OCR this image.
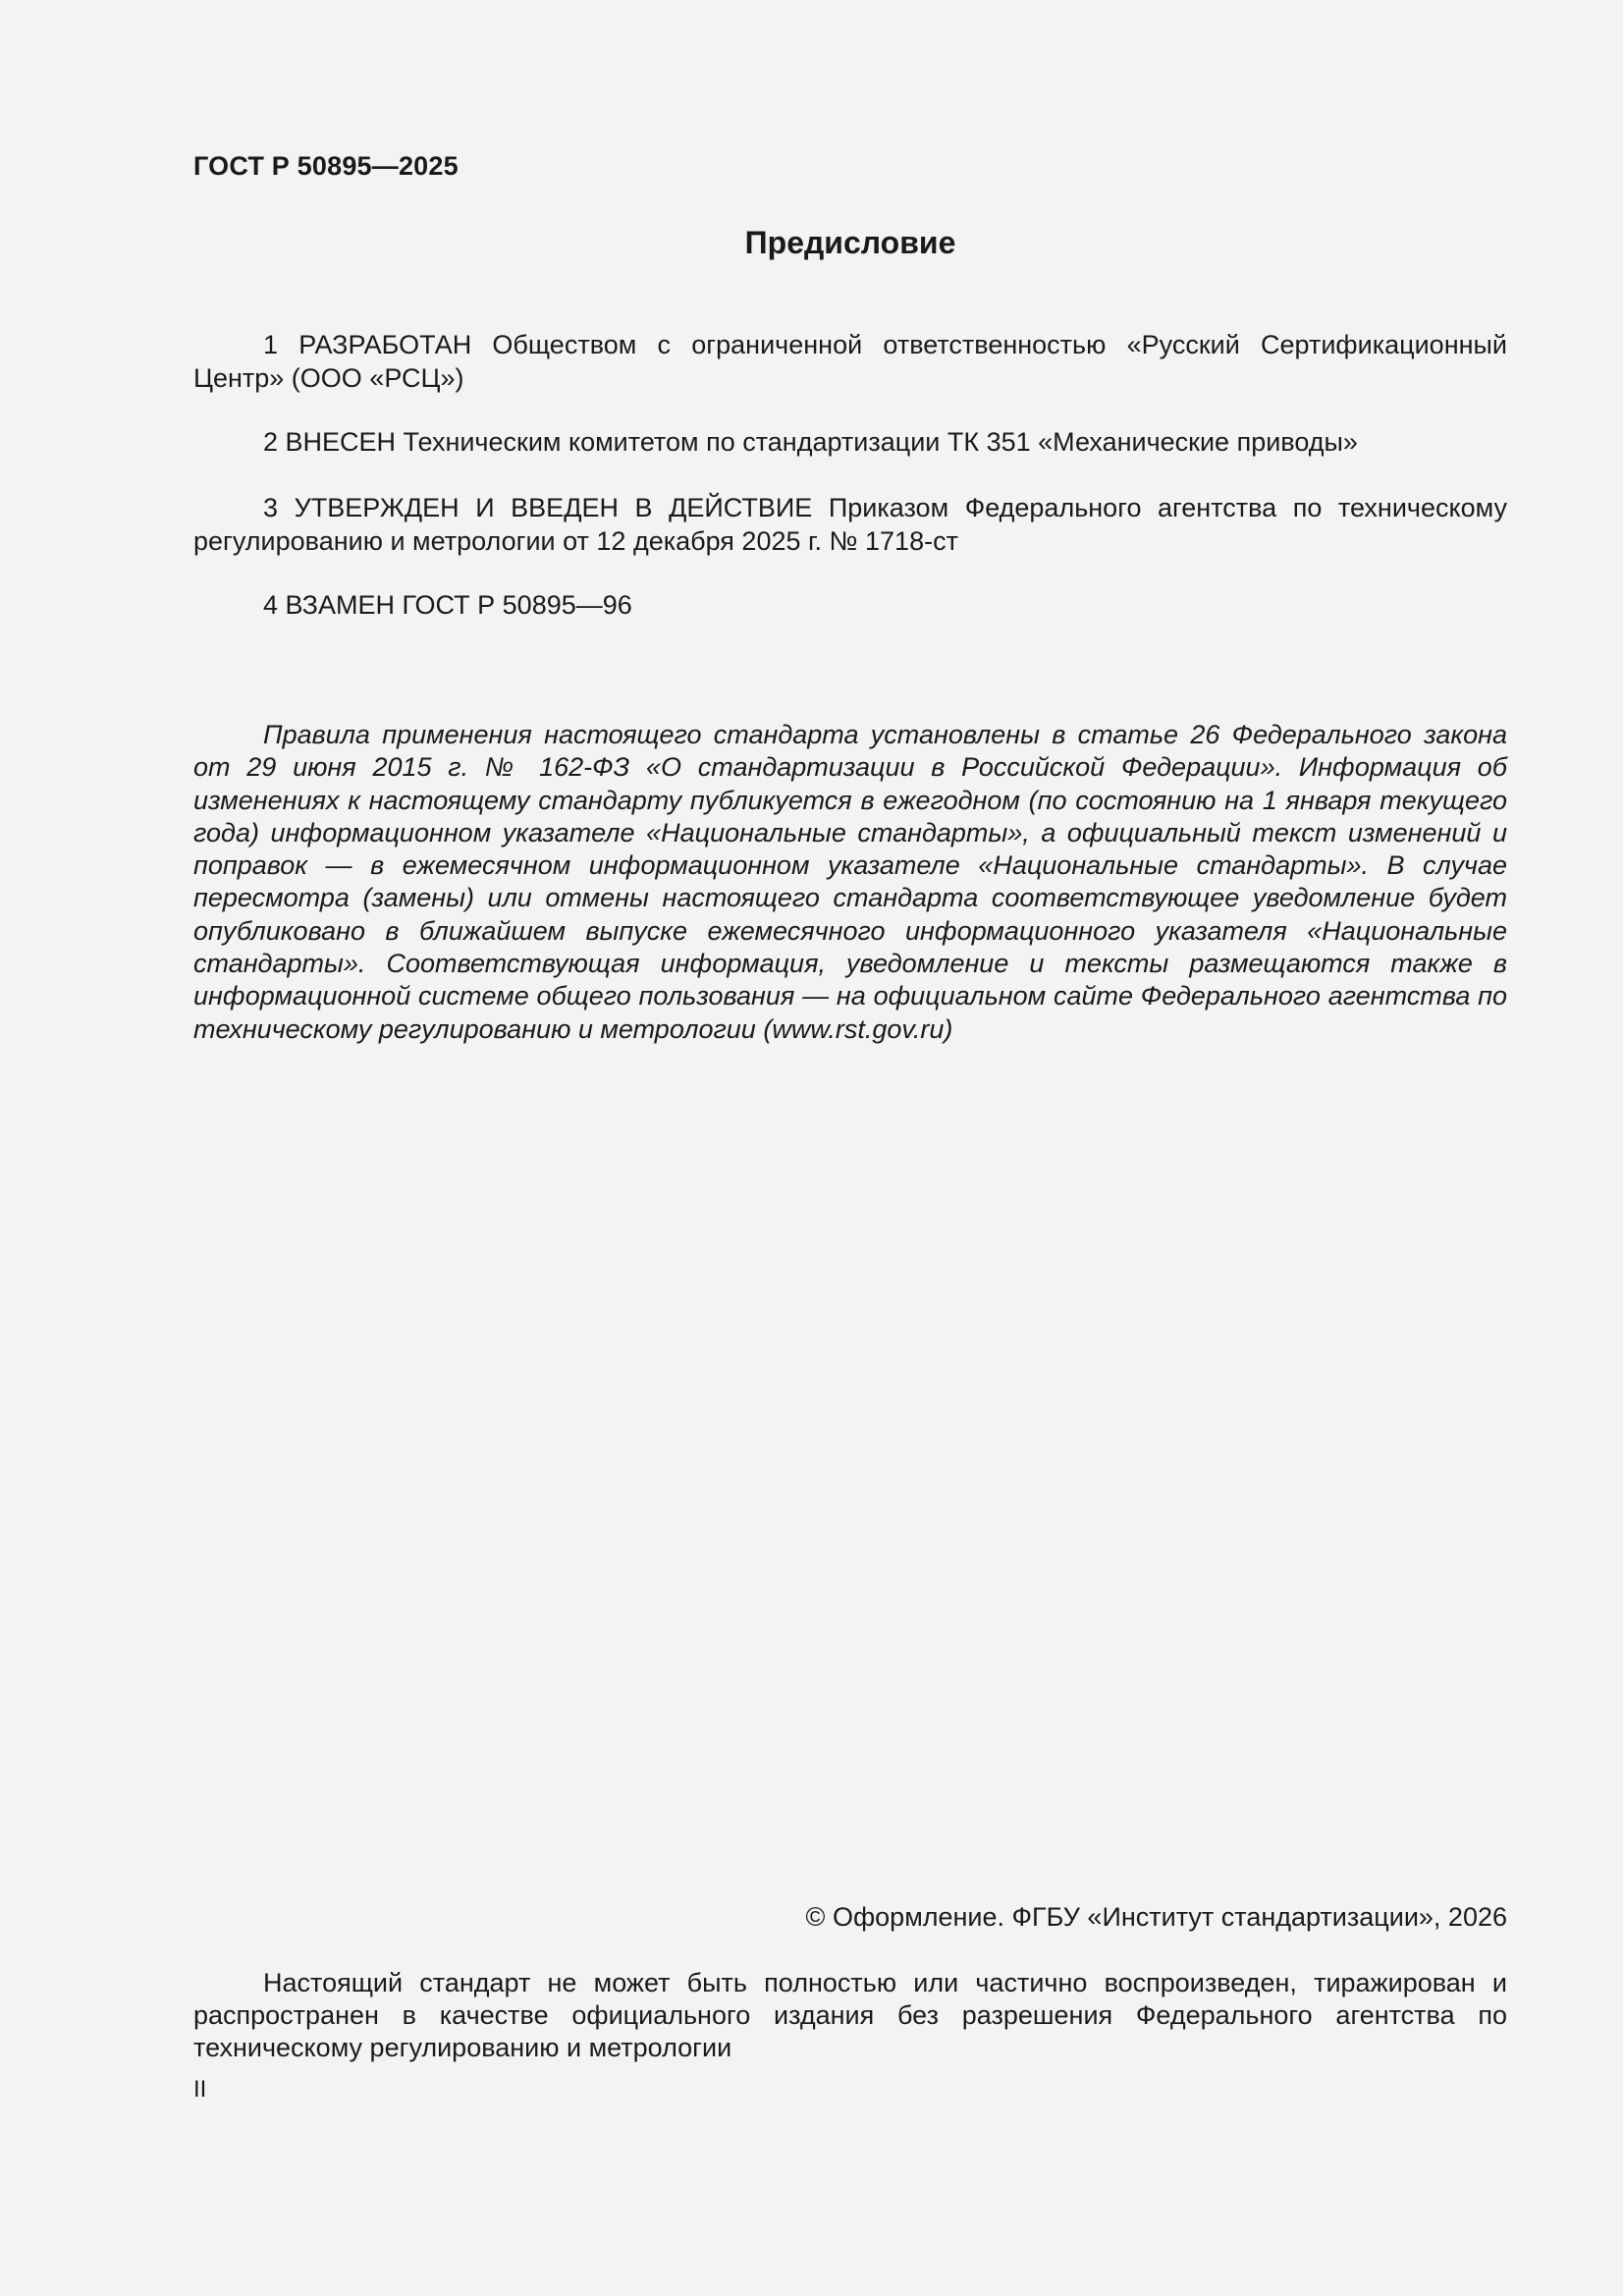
ГОСТ Р 50895—2025
Предисловие
1 РАЗРАБОТАН Обществом с ограниченной ответственностью «Русский Сертификационный Центр» (ООО «РСЦ»)
2 ВНЕСЕН Техническим комитетом по стандартизации ТК 351 «Механические приводы»
3 УТВЕРЖДЕН И ВВЕДЕН В ДЕЙСТВИЕ Приказом Федерального агентства по техническому регулированию и метрологии от 12 декабря 2025 г. № 1718-ст
4 ВЗАМЕН ГОСТ Р 50895—96
Правила применения настоящего стандарта установлены в статье 26 Федерального закона от 29 июня 2015 г. № 162-ФЗ «О стандартизации в Российской Федерации». Информация об изменениях к настоящему стандарту публикуется в ежегодном (по состоянию на 1 января текущего года) информационном указателе «Национальные стандарты», а официальный текст изменений и поправок — в ежемесячном информационном указателе «Национальные стандарты». В случае пересмотра (замены) или отмены настоящего стандарта соответствующее уведомление будет опубликовано в ближайшем выпуске ежемесячного информационного указателя «Национальные стандарты». Соответствующая информация, уведомление и тексты размещаются также в информационной системе общего пользования — на официальном сайте Федерального агентства по техническому регулированию и метрологии (www.rst.gov.ru)
© Оформление. ФГБУ «Институт стандартизации», 2026
Настоящий стандарт не может быть полностью или частично воспроизведен, тиражирован и распространен в качестве официального издания без разрешения Федерального агентства по техническому регулированию и метрологии
II
